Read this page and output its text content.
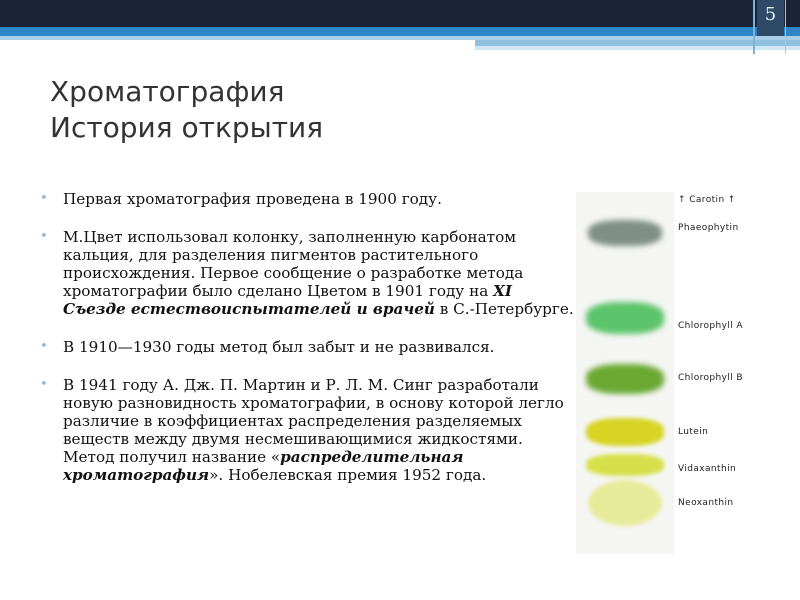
5
Хроматография
История открытия
• Первая хроматография проведена в 1900 году.
• М.Цвет использовал колонку, заполненную карбонатом кальция, для разделения пигментов растительного происхождения. Первое сообщение о разработке метода хроматографии было сделано Цветом в 1901 году на XI Съезде естествоиспытателей и врачей в С.-Петербурге.
• В 1910—1930 годы метод был забыт и не развивался.
• В 1941 году А. Дж. П. Мартин и Р. Л. М. Синг разработали новую разновидность хроматографии, в основу которой легло различие в коэффициентах распределения разделяемых веществ между двумя несмешивающимися жидкостями. Метод получил название «распределительная хроматография». Нобелевская премия 1952 года.
↑ Carotin ↑
Phaeophytin
Chlorophyll A
Chlorophyll B
Lutein
Vidaxanthin
Neoxanthin
